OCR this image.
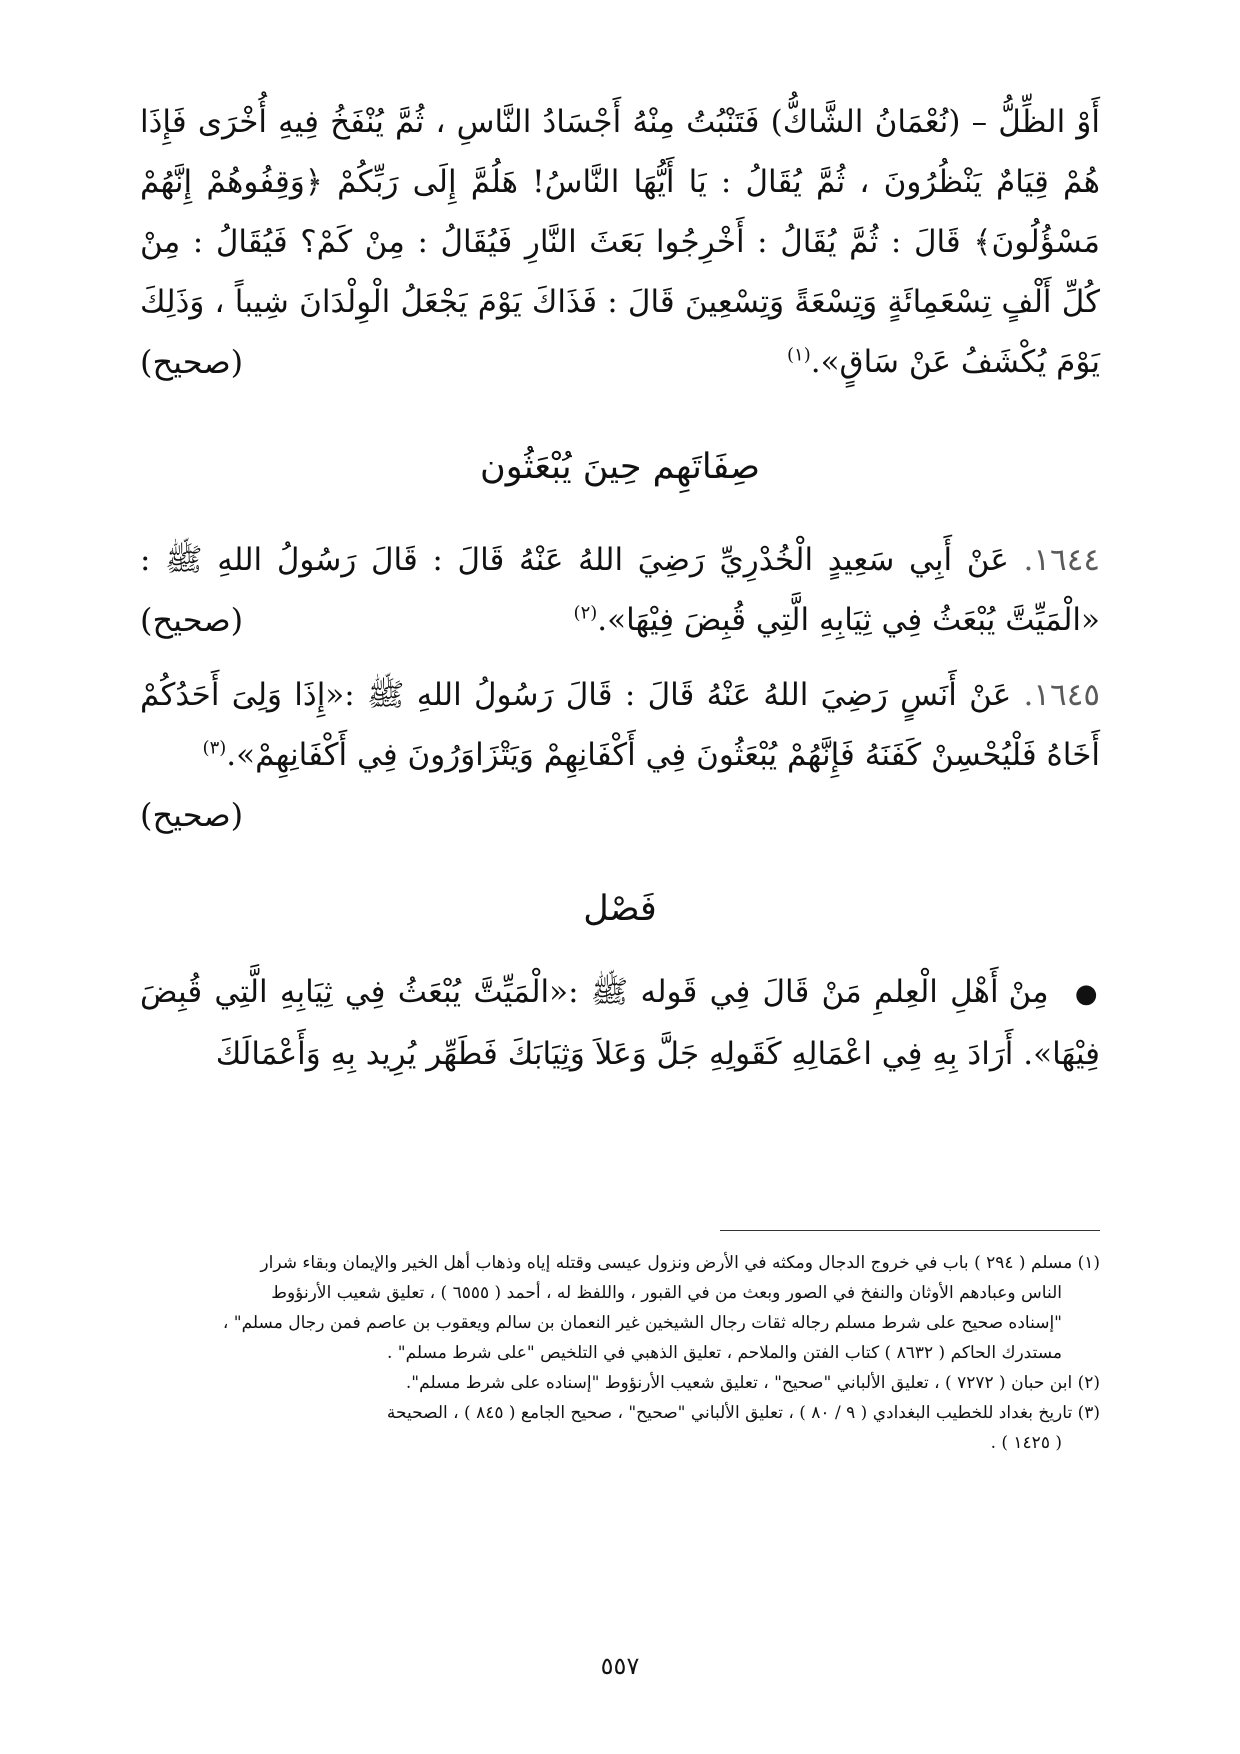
أَوْ الظِّلُّ – (نُعْمَانُ الشَّاكُّ) فَتَنْبُتُ مِنْهُ أَجْسَادُ النَّاسِ ، ثُمَّ يُنْفَخُ فِيهِ أُخْرَى فَإِذَا هُمْ قِيَامٌ يَنْظُرُونَ ، ثُمَّ يُقَالُ : يَا أَيُّهَا النَّاسُ! هَلُمَّ إِلَى رَبِّكُمْ ﴿وَقِفُوهُمْ إِنَّهُمْ مَسْؤُلُونَ﴾ قَالَ : ثُمَّ يُقَالُ : أَخْرِجُوا بَعَثَ النَّارِ فَيُقَالُ : مِنْ كَمْ؟ فَيُقَالُ : مِنْ كُلِّ أَلْفٍ تِسْعَمِائَةٍ وَتِسْعَةً وَتِسْعِينَ قَالَ : فَذَاكَ يَوْمَ يَجْعَلُ الْوِلْدَانَ شِيباً ، وَذَلِكَ يَوْمَ يُكْشَفُ عَنْ سَاقٍ».$^{(١)}$
(صحيح)
صِفَاتَهِم حِينَ يُبْعَثُون
١٦٤٤. عَنْ أَبِي سَعِيدٍ الْخُدْرِيِّ رَضِيَ اللهُ عَنْهُ قَالَ : قَالَ رَسُولُ اللهِ ﷺ : «الْمَيِّتَّ يُبْعَثُ فِي ثِيَابِهِ الَّتِي قُبِضَ فِيْهَا».$^{(٢)}$
(صحيح)
١٦٤٥. عَنْ أَنَسٍ رَضِيَ اللهُ عَنْهُ قَالَ : قَالَ رَسُولُ اللهِ ﷺ :«إِذَا وَلِىَ أَحَدُكُمْ أَخَاهُ فَلْيُحْسِنْ كَفَنَهُ فَإِنَّهُمْ يُبْعَثُونَ فِي أَكْفَانِهِمْ وَيَتْزَاوَرُونَ فِي أَكْفَانِهِمْ».$^{(٣)}$
(صحيح)
فَصْل
● مِنْ أَهْلِ الْعِلمِ مَنْ قَالَ فِي قَوله ﷺ :«الْمَيِّتَّ يُبْعَثُ فِي ثِيَابِهِ الَّتِي قُبِضَ فِيْهَا». أَرَادَ بِهِ فِي اعْمَالِهِ كَقَولِهِ جَلَّ وَعَلاَ وَثِيَابَكَ فَطَهِّر يُرِيد بِهِ وَأَعْمَالَكَ
(١) مسلم ( ٢٩٤ ) باب في خروج الدجال ومكثه في الأرض ونزول عيسى وقتله إياه وذهاب أهل الخير والإيمان وبقاء شرار
الناس وعبادهم الأوثان والنفخ في الصور وبعث من في القبور ، واللفظ له ، أحمد ( ٦٥٥٥ ) ، تعليق شعيب الأرنؤوط
"إسناده صحيح على شرط مسلم رجاله ثقات رجال الشيخين غير النعمان بن سالم ويعقوب بن عاصم فمن رجال مسلم" ،
مستدرك الحاكم ( ٨٦٣٢ ) كتاب الفتن والملاحم ، تعليق الذهبي في التلخيص "على شرط مسلم" .
(٢) ابن حبان ( ٧٢٧٢ ) ، تعليق الألباني "صحيح" ، تعليق شعيب الأرنؤوط "إسناده على شرط مسلم".
(٣) تاريخ بغداد للخطيب البغدادي ( ٩ / ٨٠ ) ، تعليق الألباني "صحيح" ، صحيح الجامع ( ٨٤٥ ) ، الصحيحة
( ١٤٢٥ ) .
٥٥٧
